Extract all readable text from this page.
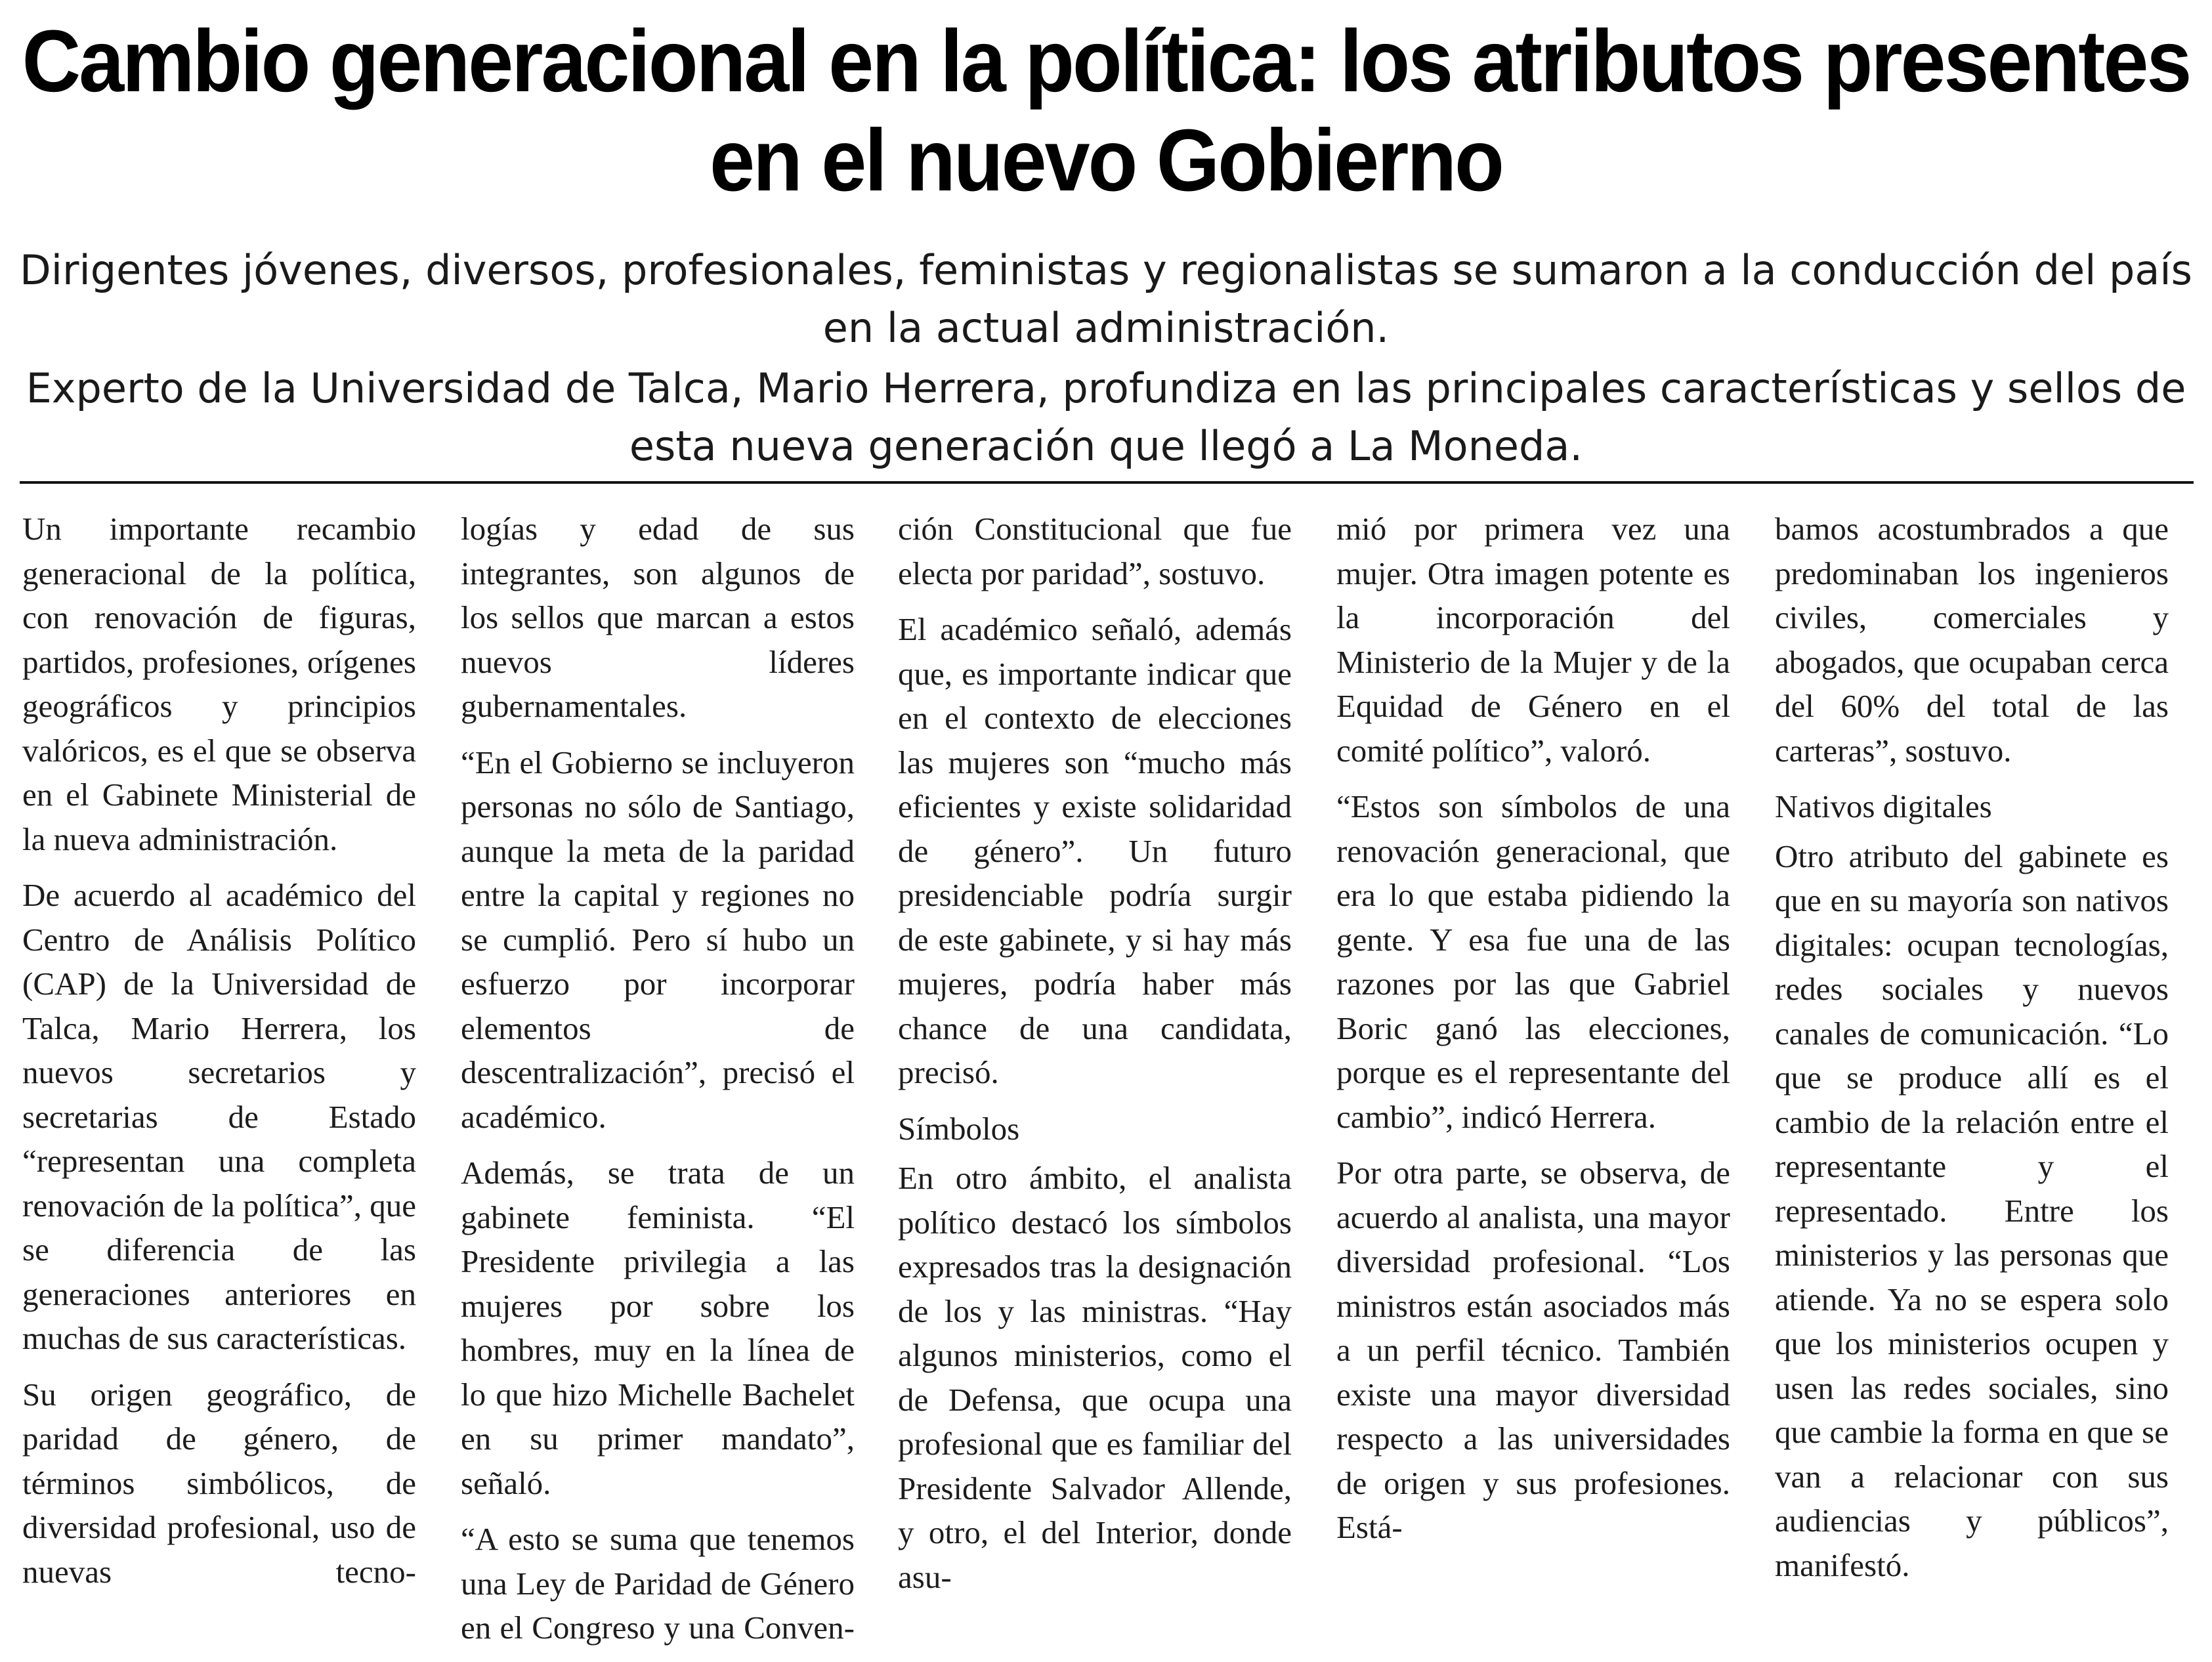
Cambio generacional en la política: los atributos presentes en el nuevo Gobierno

Dirigentes jóvenes, diversos, profesionales, feministas y regionalistas se sumaron a la conducción del país en la actual administración.

Experto de la Universidad de Talca, Mario Herrera, profundiza en las principales características y sellos de esta nueva generación que llegó a La Moneda.

Un importante recambio generacional de la política, con renovación de figuras, partidos, profesiones, orígenes geográficos y principios valóricos, es el que se observa en el Gabinete Ministerial de la nueva administración.

De acuerdo al académico del Centro de Análisis Político (CAP) de la Universidad de Talca, Mario Herrera, los nuevos secretarios y secretarias de Estado “representan una completa renovación de la política”, que se diferencia de las generaciones anteriores en muchas de sus características.

Su origen geográfico, de paridad de género, de términos simbólicos, de diversidad profesional, uso de nuevas tecno-

logías y edad de sus integrantes, son algunos de los sellos que marcan a estos nuevos líderes gubernamentales.

“En el Gobierno se incluyeron personas no sólo de Santiago, aunque la meta de la paridad entre la capital y regiones no se cumplió. Pero sí hubo un esfuerzo por incorporar elementos de descentralización”, precisó el académico.

Además, se trata de un gabinete feminista. “El Presidente privilegia a las mujeres por sobre los hombres, muy en la línea de lo que hizo Michelle Bachelet en su primer mandato”, señaló.

“A esto se suma que tenemos una Ley de Paridad de Género en el Congreso y una Conven-

ción Constitucional que fue electa por paridad”, sostuvo.

El académico señaló, además que, es importante indicar que en el contexto de elecciones las mujeres son “mucho más eficientes y existe solidaridad de género”. Un futuro presidenciable podría surgir de este gabinete, y si hay más mujeres, podría haber más chance de una candidata, precisó.

Símbolos

En otro ámbito, el analista político destacó los símbolos expresados tras la designación de los y las ministras. “Hay algunos ministerios, como el de Defensa, que ocupa una profesional que es familiar del Presidente Salvador Allende, y otro, el del Interior, donde asu-

mió por primera vez una mujer. Otra imagen potente es la incorporación del Ministerio de la Mujer y de la Equidad de Género en el comité político”, valoró.

“Estos son símbolos de una renovación generacional, que era lo que estaba pidiendo la gente. Y esa fue una de las razones por las que Gabriel Boric ganó las elecciones, porque es el representante del cambio”, indicó Herrera.

Por otra parte, se observa, de acuerdo al analista, una mayor diversidad profesional. “Los ministros están asociados más a un perfil técnico. También existe una mayor diversidad respecto a las universidades de origen y sus profesiones. Está-

bamos acostumbrados a que predominaban los ingenieros civiles, comerciales y abogados, que ocupaban cerca del 60% del total de las carteras”, sostuvo.

Nativos digitales

Otro atributo del gabinete es que en su mayoría son nativos digitales: ocupan tecnologías, redes sociales y nuevos canales de comunicación. “Lo que se produce allí es el cambio de la relación entre el representante y el representado. Entre los ministerios y las personas que atiende. Ya no se espera solo que los ministerios ocupen y usen las redes sociales, sino que cambie la forma en que se van a relacionar con sus audiencias y públicos”, manifestó.
